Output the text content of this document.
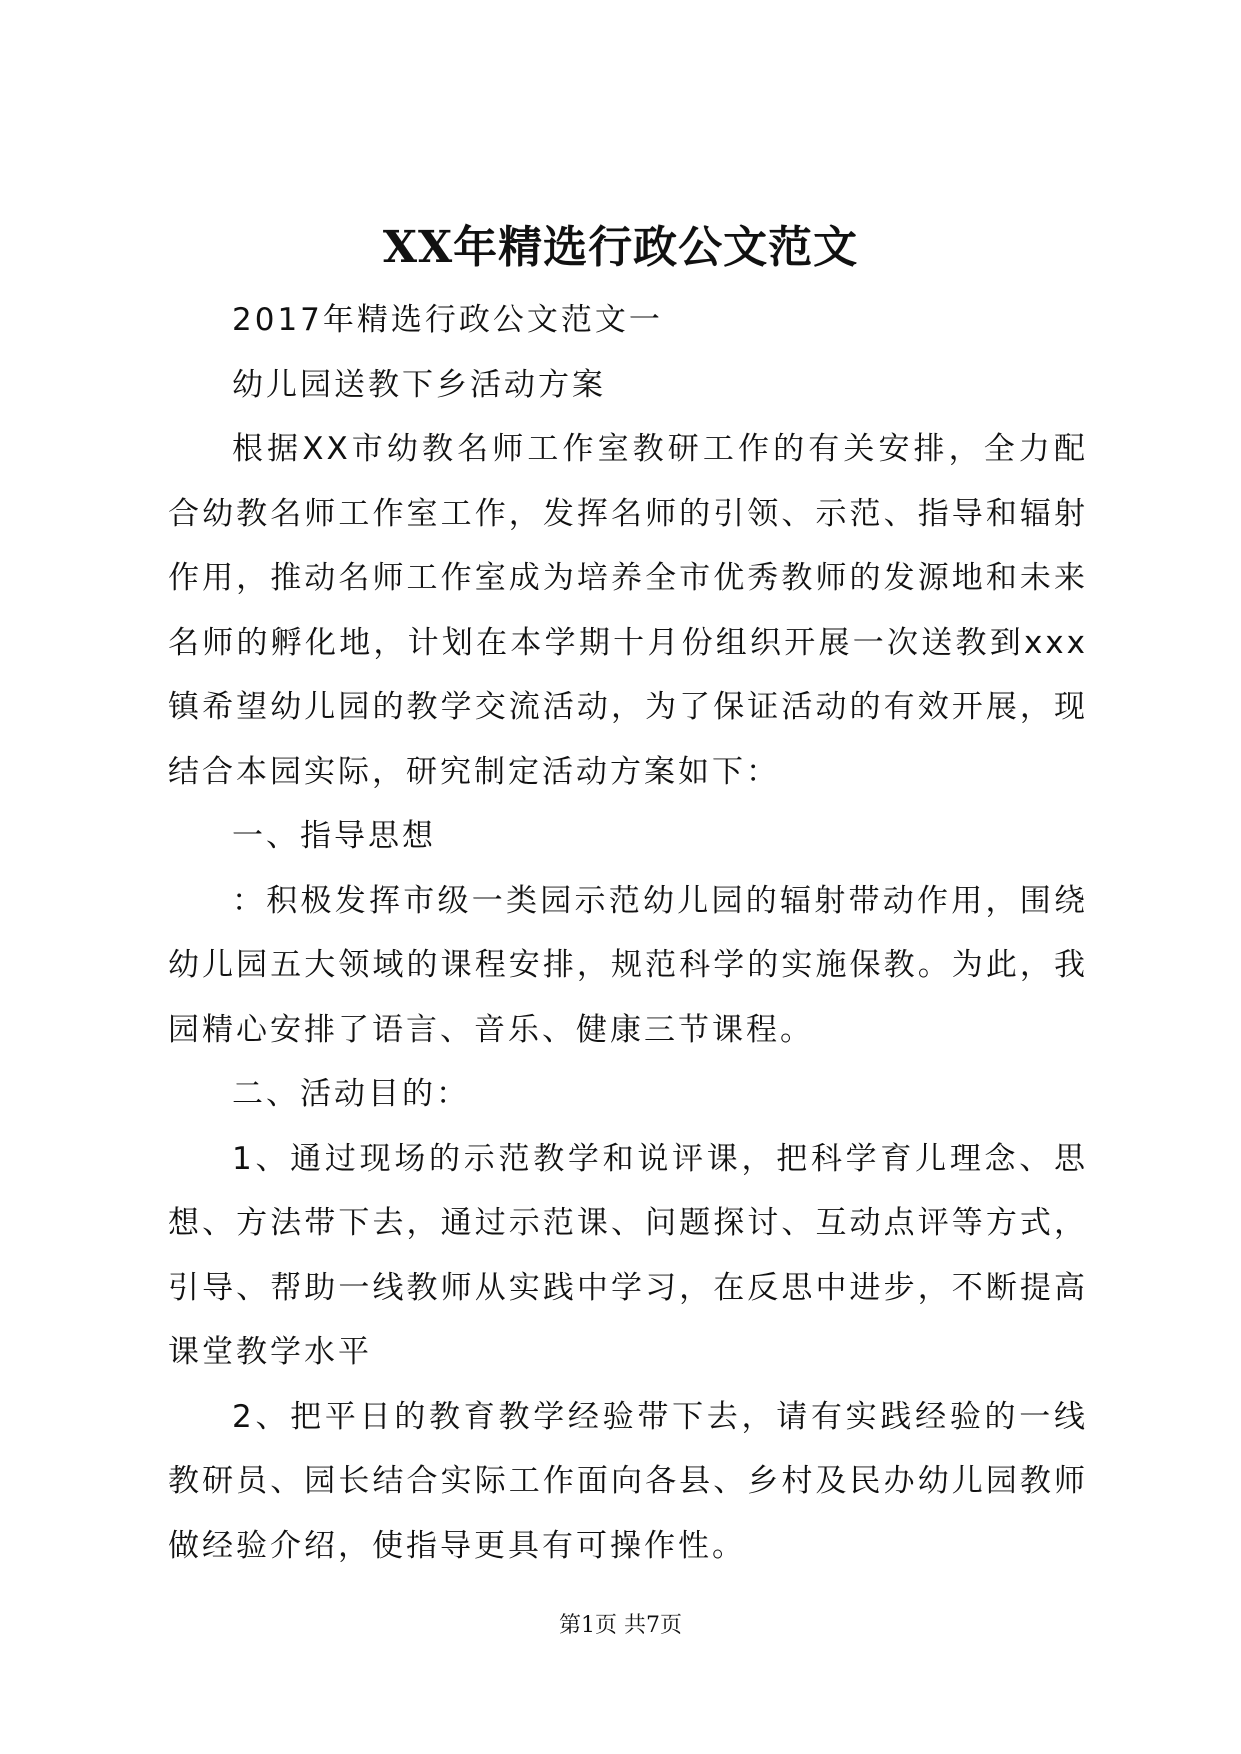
XX年精选行政公文范文

2017年精选行政公文范文一

幼儿园送教下乡活动方案

根据XX市幼教名师工作室教研工作的有关安排，全力配合幼教名师工作室工作，发挥名师的引领、示范、指导和辐射作用，推动名师工作室成为培养全市优秀教师的发源地和未来名师的孵化地，计划在本学期十月份组织开展一次送教到xxx镇希望幼儿园的教学交流活动，为了保证活动的有效开展，现结合本园实际，研究制定活动方案如下：

一、指导思想

：积极发挥市级一类园示范幼儿园的辐射带动作用，围绕幼儿园五大领域的课程安排，规范科学的实施保教。为此，我园精心安排了语言、音乐、健康三节课程。

二、活动目的：

1、通过现场的示范教学和说评课，把科学育儿理念、思想、方法带下去，通过示范课、问题探讨、互动点评等方式，引导、帮助一线教师从实践中学习，在反思中进步，不断提高课堂教学水平

2、把平日的教育教学经验带下去，请有实践经验的一线教研员、园长结合实际工作面向各县、乡村及民办幼儿园教师做经验介绍，使指导更具有可操作性。

第1页 共7页
